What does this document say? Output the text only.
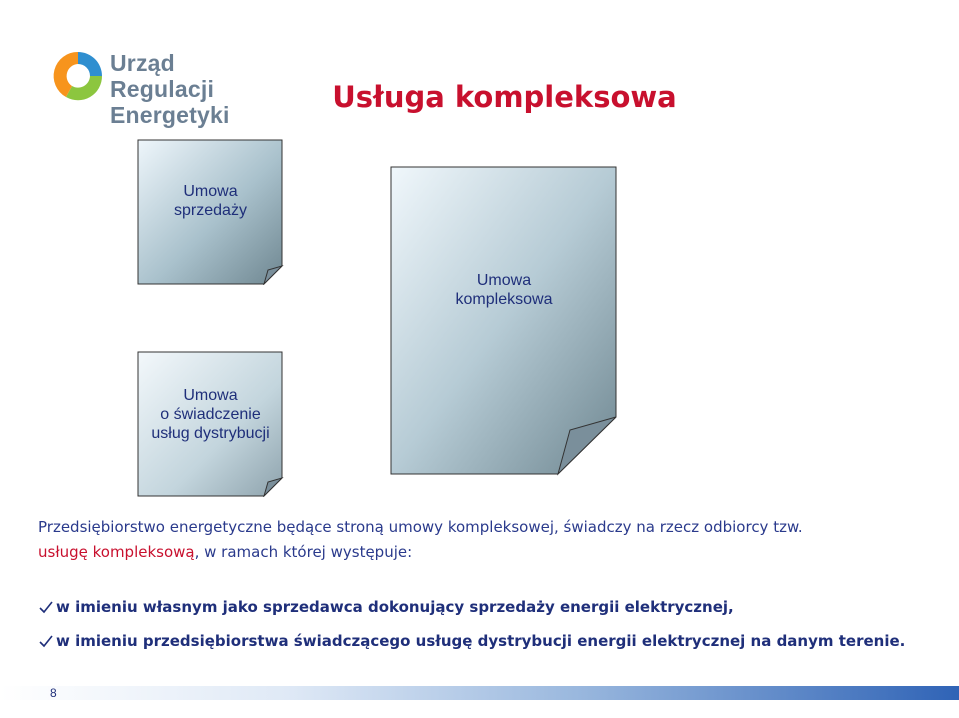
Urząd Regulacji
Energetyki
Usługa kompleksowa
Umowa
sprzedaży
Umowa
o świadczenie
usług dystrybucji
Umowa
kompleksowa
Przedsiębiorstwo energetyczne będące stroną umowy kompleksowej, świadczy na rzecz odbiorcy tzw.
usługę kompleksową, w ramach której występuje:
w imieniu własnym jako sprzedawca dokonujący sprzedaży energii elektrycznej,
w imieniu przedsiębiorstwa świadczącego usługę dystrybucji energii elektrycznej na danym terenie.
8
